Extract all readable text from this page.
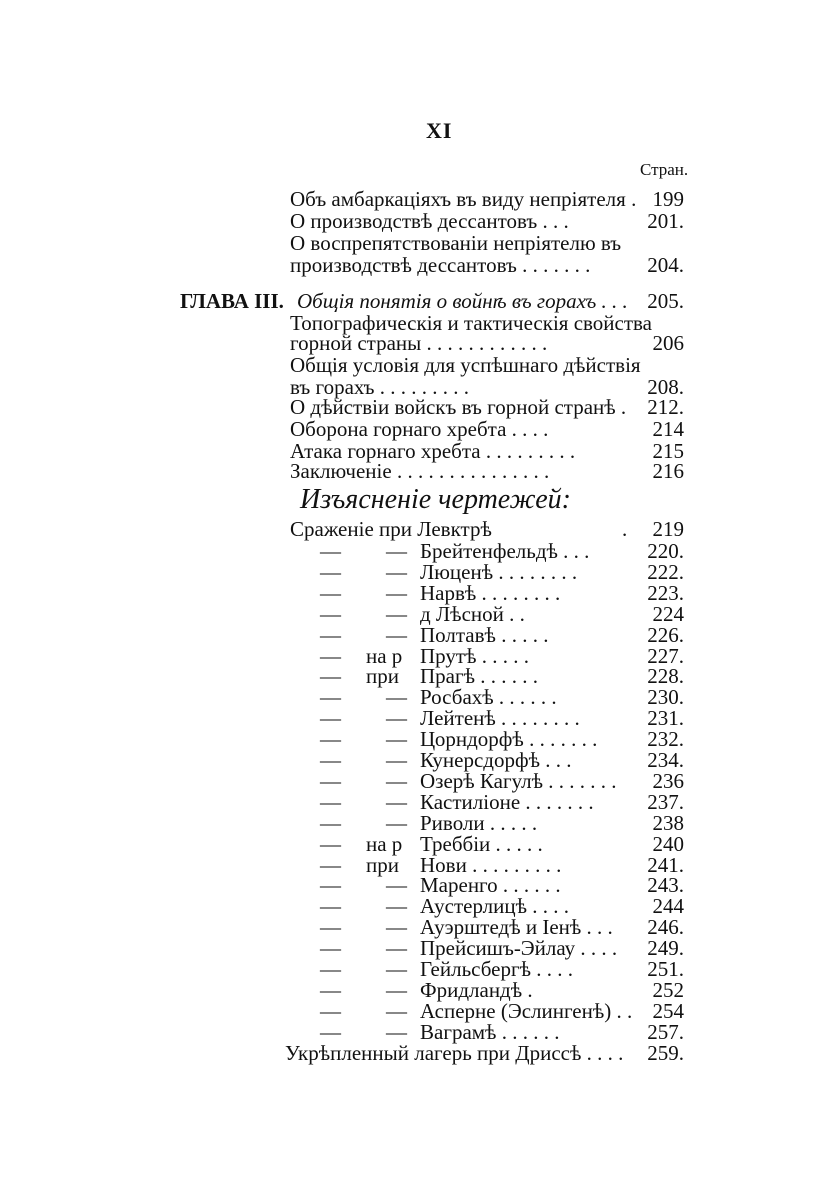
XI
Стран.
Объ амбаркацiяхъ въ виду непрiятеля . 199
О производствѣ дессантовъ . . .	201.
О воспрепятствованiи непрiятелю въ
производствѣ дессантовъ . . . . . . .	204.
ГЛАВА III. Общiя понятiя о войнѣ въ горахъ . . . 205.
Топографическiя и тактическiя свойства
горной страны . . . . . . . . . . . .	206
Общiя условiя для успѣшнаго дѣйствiя
въ горахъ . . . . . . . . .	208.
О дѣйствiи войскъ въ горной странѣ .	212.
Оборона горнаго хребта . . . .	214
Атака горнаго хребта . . . . . . . . .	215
Заключенiе . . . . . . . . . . . . . . .	216
Изъясненiе чертежей:
Сраженiе при Левктрѣ	.	219
— — Брейтенфельдѣ . . .	220.
— — Люценѣ . . . . . . . .	222.
— — Нарвѣ . . . . . . . .	223.
— — д Лѣсной . .	224
— — Полтавѣ . . . . .	226.
— на р Прутѣ . . . . .	227.
— при Прагѣ . . . . . .	228.
— — Росбахѣ . . . . . .	230.
— — Лейтенѣ . . . . . . . .	231.
— — Цорндорфѣ . . . . . . .	232.
— — Кунерсдорфѣ . . .	234.
— — Озерѣ Кагулѣ . . . . . . .	236
— — Кастилiоне . . . . . . .	237.
— — Риволи . . . . .	238
— на р Треббiи . . . . .	240
— при Нови . . . . . . . . .	241.
— — Маренго . . . . . .	243.
— — Аустерлицѣ . . . .	244
— — Ауэрштедѣ и Iенѣ . . .	246.
— — Прейсишъ-Эйлау . . . .	249.
— — Гейльсбергѣ . . . .	251.
— — Фридландѣ .	252
— — Асперне (Эслингенѣ) . . 254
— — Ваграмѣ . . . . . .	257.
Укрѣпленный лагерь при Дриссѣ . . . .	259.
